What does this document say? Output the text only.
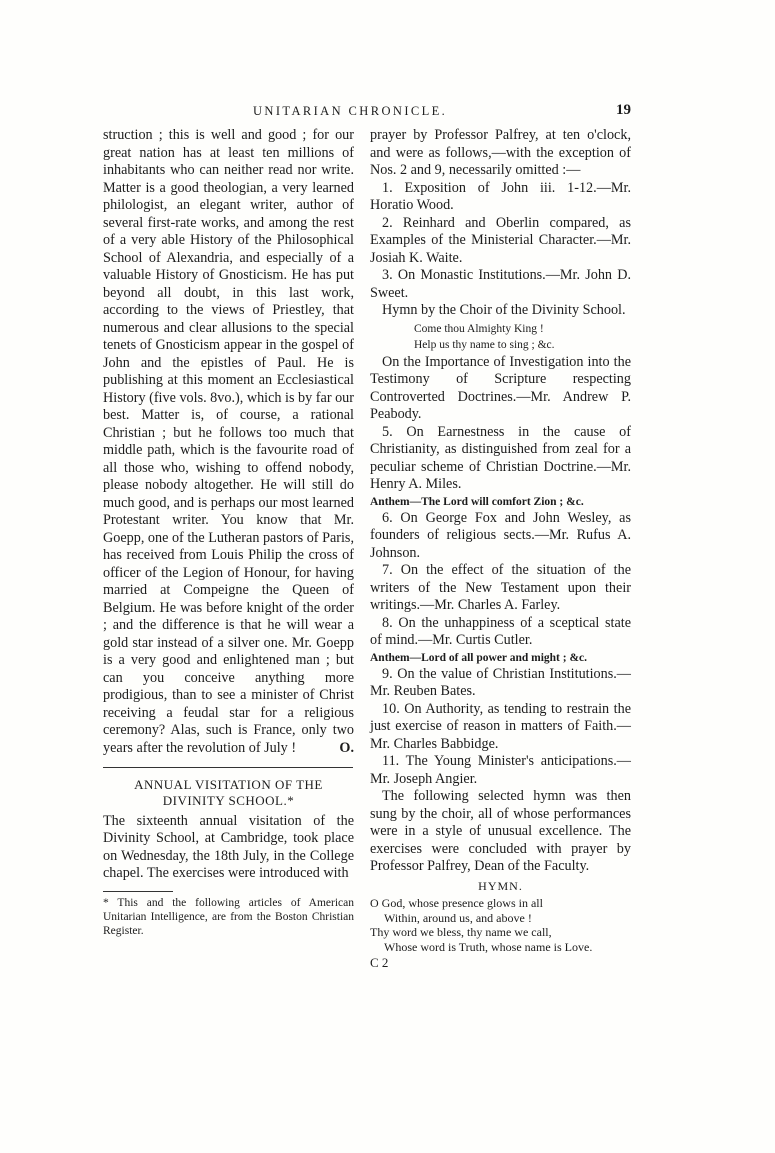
UNITARIAN CHRONICLE.	19

struction ; this is well and good ; for our great nation has at least ten millions of inhabitants who can neither read nor write. Matter is a good theologian, a very learned philologist, an elegant writer, author of several first-rate works, and among the rest of a very able History of the Philosophical School of Alexandria, and especially of a valuable History of Gnosticism. He has put beyond all doubt, in this last work, according to the views of Priestley, that numerous and clear allusions to the special tenets of Gnosticism appear in the gospel of John and the epistles of Paul. He is publishing at this moment an Ecclesiastical History (five vols. 8vo.), which is by far our best. Matter is, of course, a rational Christian ; but he follows too much that middle path, which is the favourite road of all those who, wishing to offend nobody, please nobody altogether. He will still do much good, and is perhaps our most learned Protestant writer. You know that Mr. Goepp, one of the Lutheran pastors of Paris, has received from Louis Philip the cross of officer of the Legion of Honour, for having married at Compeigne the Queen of Belgium. He was before knight of the order ; and the difference is that he will wear a gold star instead of a silver one. Mr. Goepp is a very good and enlightened man ; but can you conceive anything more prodigious, than to see a minister of Christ receiving a feudal star for a religious ceremony? Alas, such is France, only two years after the revolution of July !	O.

ANNUAL VISITATION OF THE DIVINITY SCHOOL.*

The sixteenth annual visitation of the Divinity School, at Cambridge, took place on Wednesday, the 18th July, in the College chapel. The exercises were introduced with

* This and the following articles of American Unitarian Intelligence, are from the Boston Christian Register.

prayer by Professor Palfrey, at ten o'clock, and were as follows,—with the exception of Nos. 2 and 9, necessarily omitted :—

1. Exposition of John iii. 1-12.—Mr. Horatio Wood.

2. Reinhard and Oberlin compared, as Examples of the Ministerial Character.—Mr. Josiah K. Waite.

3. On Monastic Institutions.—Mr. John D. Sweet.

Hymn by the Choir of the Divinity School.

Come thou Almighty King !

Help us thy name to sing ; &c.

On the Importance of Investigation into the Testimony of Scripture respecting Controverted Doctrines.—Mr. Andrew P. Peabody.

5. On Earnestness in the cause of Christianity, as distinguished from zeal for a peculiar scheme of Christian Doctrine.—Mr. Henry A. Miles.

Anthem—The Lord will comfort Zion ; &c.

6. On George Fox and John Wesley, as founders of religious sects.—Mr. Rufus A. Johnson.

7. On the effect of the situation of the writers of the New Testament upon their writings.—Mr. Charles A. Farley.

8. On the unhappiness of a sceptical state of mind.—Mr. Curtis Cutler.

Anthem—Lord of all power and might ; &c.

9. On the value of Christian Institutions.—Mr. Reuben Bates.

10. On Authority, as tending to restrain the just exercise of reason in matters of Faith.—Mr. Charles Babbidge.

11. The Young Minister's anticipations.—Mr. Joseph Angier.

The following selected hymn was then sung by the choir, all of whose performances were in a style of unusual excellence. The exercises were concluded with prayer by Professor Palfrey, Dean of the Faculty.

HYMN.

O God, whose presence glows in all

Within, around us, and above !

Thy word we bless, thy name we call,

Whose word is Truth, whose name is Love.

C 2
